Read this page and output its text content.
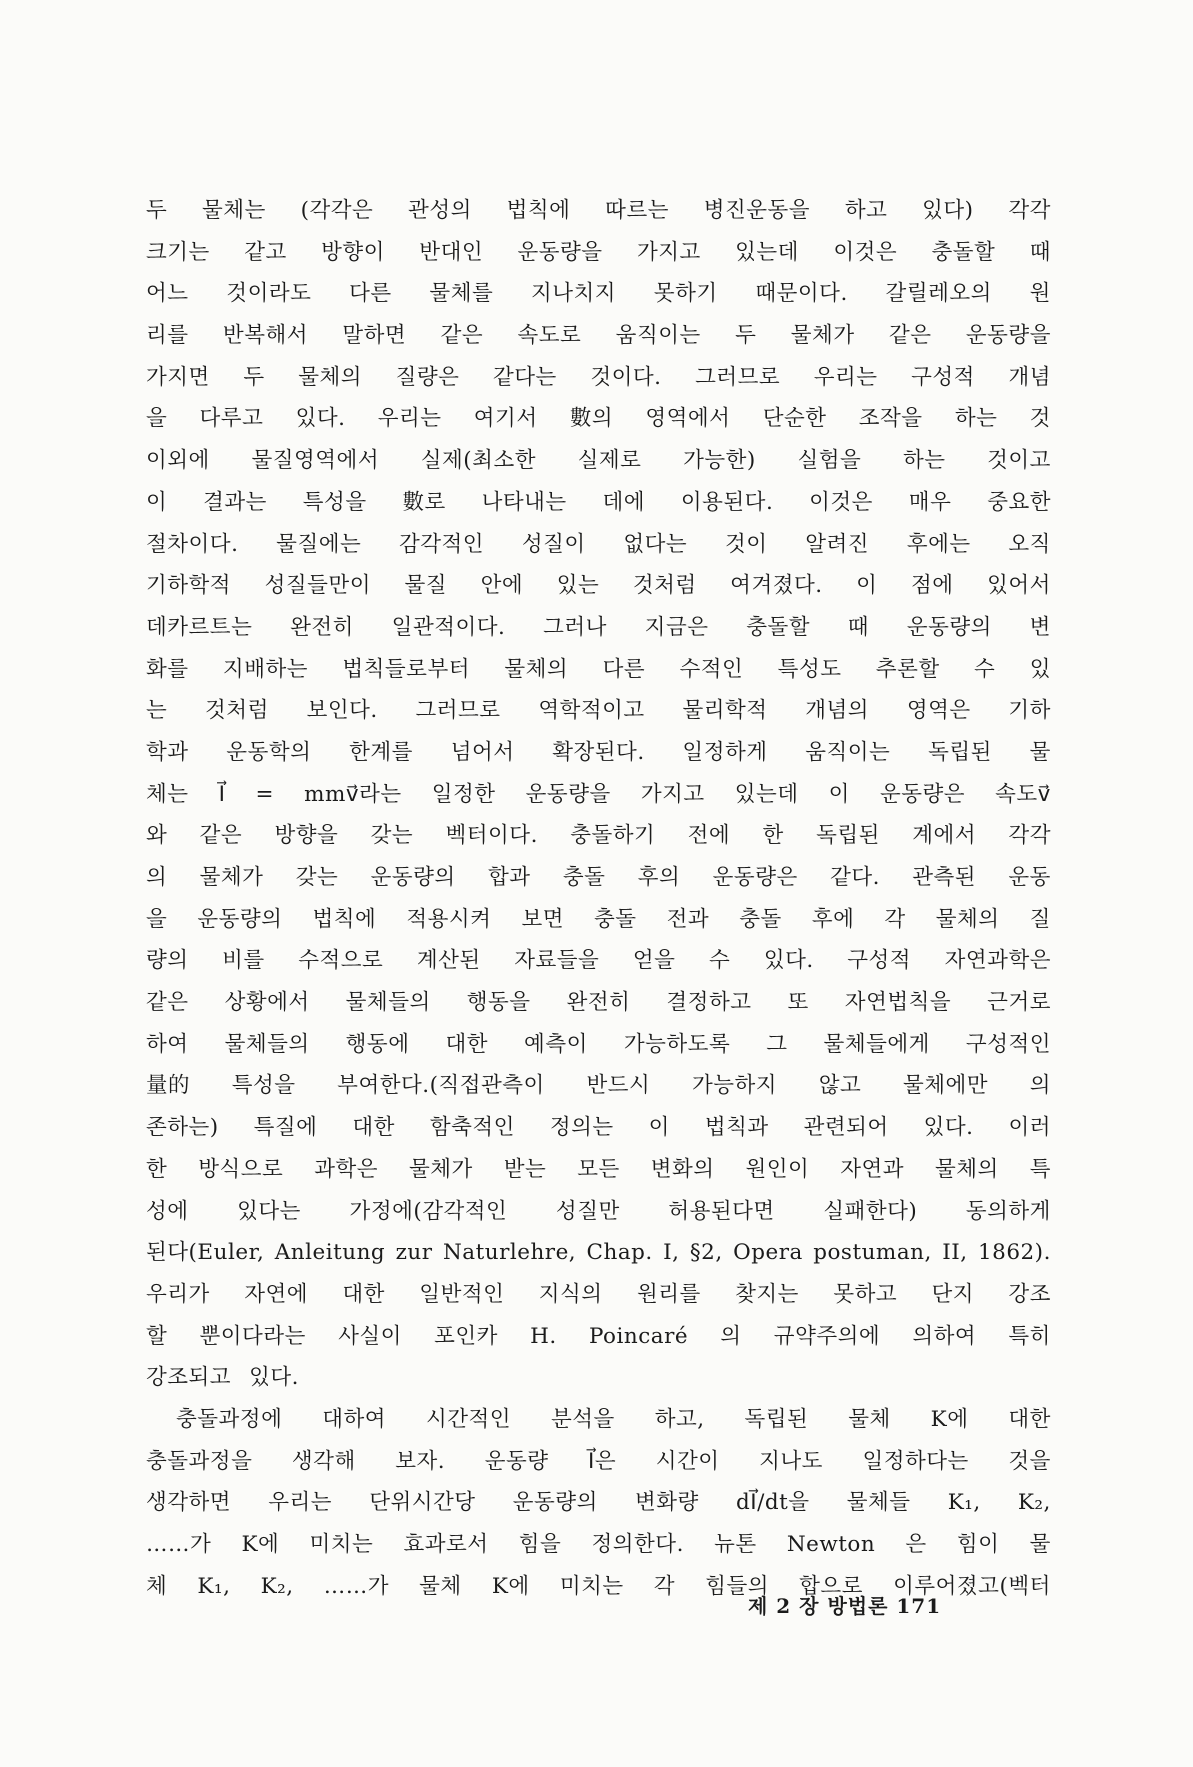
두 물체는 (각각은 관성의 법칙에 따르는 병진운동을 하고 있다) 각각
크기는 같고 방향이 반대인 운동량을 가지고 있는데 이것은 충돌할 때
어느 것이라도 다른 물체를 지나치지 못하기 때문이다. 갈릴레오의 원
리를 반복해서 말하면 같은 속도로 움직이는 두 물체가 같은 운동량을
가지면 두 물체의 질량은 같다는 것이다. 그러므로 우리는 구성적 개념
을 다루고 있다. 우리는 여기서 數의 영역에서 단순한 조작을 하는 것
이외에 물질영역에서 실제(최소한 실제로 가능한) 실험을 하는 것이고
이 결과는 특성을 數로 나타내는 데에 이용된다. 이것은 매우 중요한
절차이다. 물질에는 감각적인 성질이 없다는 것이 알려진 후에는 오직
기하학적 성질들만이 물질 안에 있는 것처럼 여겨졌다. 이 점에 있어서
데카르트는 완전히 일관적이다. 그러나 지금은 충돌할 때 운동량의 변
화를 지배하는 법칙들로부터 물체의 다른 수적인 특성도 추론할 수 있
는 것처럼 보인다. 그러므로 역학적이고 물리학적 개념의 영역은 기하
학과 운동학의 한계를 넘어서 확장된다. 일정하게 움직이는 독립된 물
체는 I⃗ = mmv⃗라는 일정한 운동량을 가지고 있는데 이 운동량은 속도v⃗
와 같은 방향을 갖는 벡터이다. 충돌하기 전에 한 독립된 계에서 각각
의 물체가 갖는 운동량의 합과 충돌 후의 운동량은 같다. 관측된 운동
을 운동량의 법칙에 적용시켜 보면 충돌 전과 충돌 후에 각 물체의 질
량의 비를 수적으로 계산된 자료들을 얻을 수 있다. 구성적 자연과학은
같은 상황에서 물체들의 행동을 완전히 결정하고 또 자연법칙을 근거로
하여 물체들의 행동에 대한 예측이 가능하도록 그 물체들에게 구성적인
量的 특성을 부여한다.(직접관측이 반드시 가능하지 않고 물체에만 의
존하는) 특질에 대한 함축적인 정의는 이 법칙과 관련되어 있다. 이러
한 방식으로 과학은 물체가 받는 모든 변화의 원인이 자연과 물체의 특
성에 있다는 가정에(감각적인 성질만 허용된다면 실패한다) 동의하게
된다(Euler, Anleitung zur Naturlehre, Chap. I, §2, Opera postuman, II, 1862).
우리가 자연에 대한 일반적인 지식의 원리를 찾지는 못하고 단지 강조
할 뿐이다라는 사실이 포인카 H. Poincaré 의 규약주의에 의하여 특히
강조되고 있다.
충돌과정에 대하여 시간적인 분석을 하고, 독립된 물체 K에 대한
충돌과정을 생각해 보자. 운동량 I⃗은 시간이 지나도 일정하다는 것을
생각하면 우리는 단위시간당 운동량의 변화량 dI⃗/dt을 물체들 K₁, K₂,
……가 K에 미치는 효과로서 힘을 정의한다. 뉴톤 Newton 은 힘이 물
체 K₁, K₂, ……가 물체 K에 미치는 각 힘들의 합으로 이루어졌고(벡터
제 2 장 방법론 171
